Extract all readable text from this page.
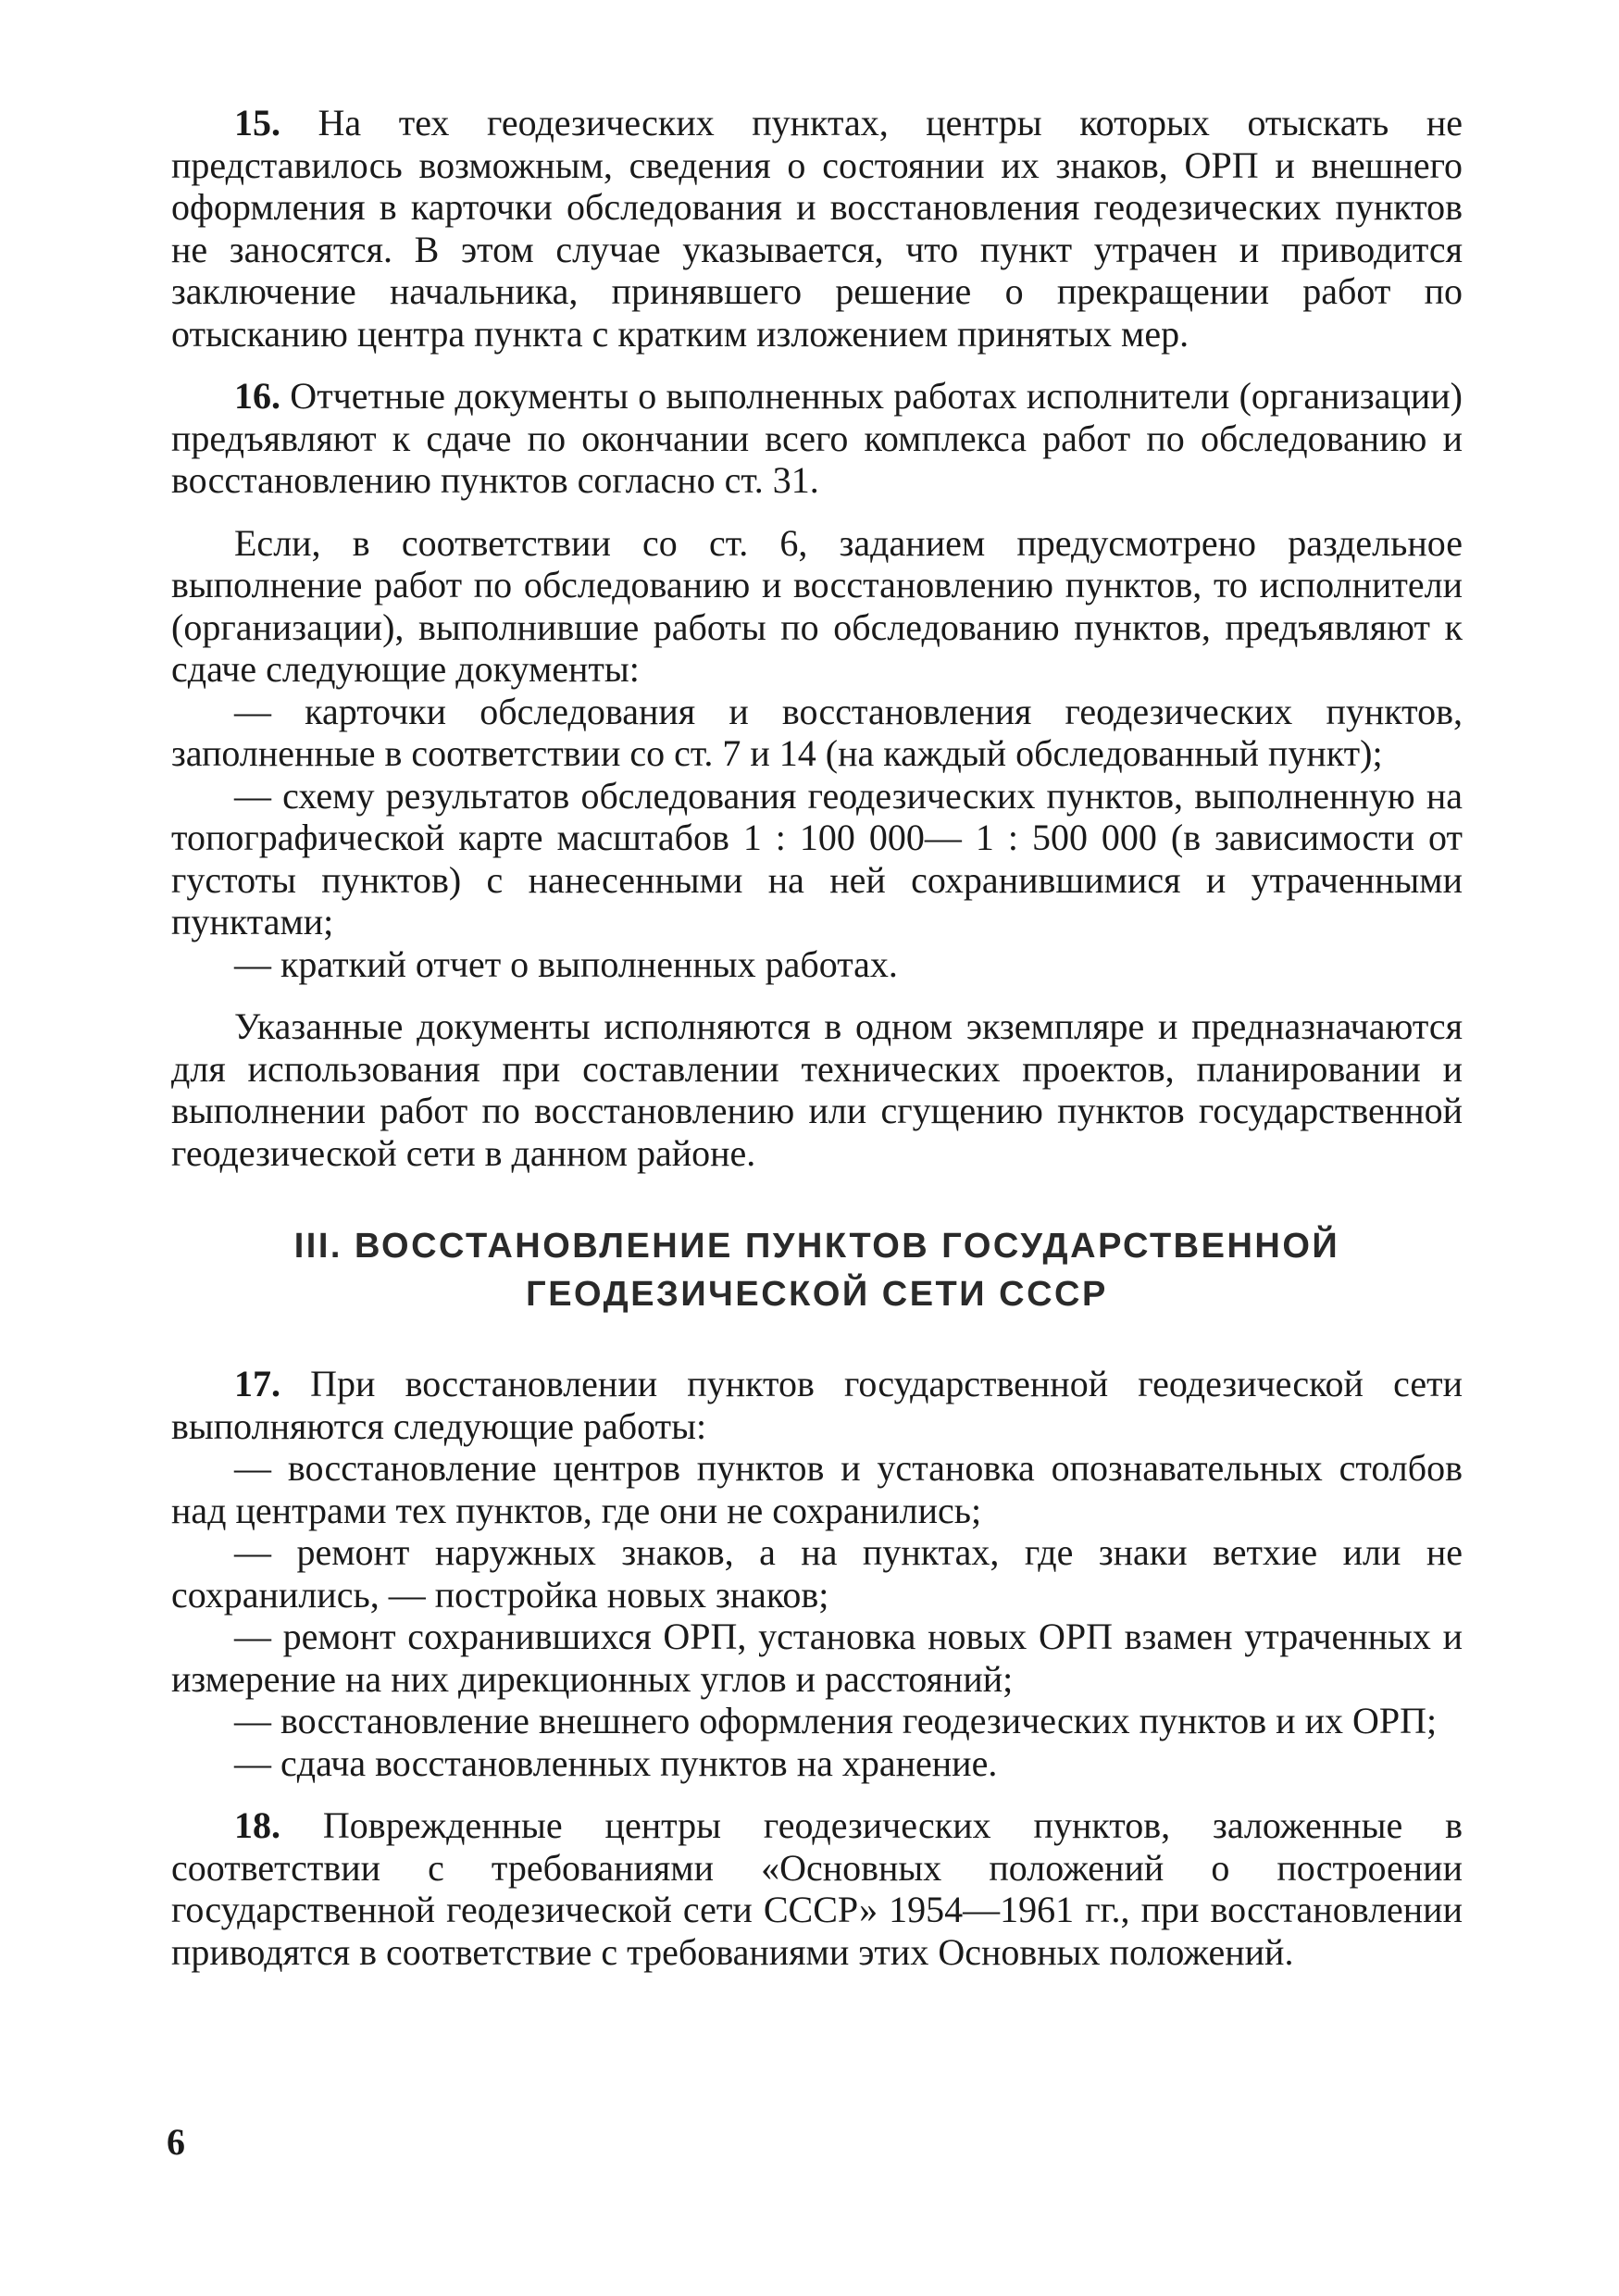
15. На тех геодезических пунктах, центры которых отыскать не представилось возможным, сведения о состоянии их знаков, ОРП и внешнего оформления в карточки обследования и восстановления геодезических пунктов не заносятся. В этом случае указывается, что пункт утрачен и приводится заключение начальника, принявшего решение о прекращении работ по отысканию центра пункта с кратким изложением принятых мер.

16. Отчетные документы о выполненных работах исполнители (организации) предъявляют к сдаче по окончании всего комплекса работ по обследованию и восстановлению пунктов согласно ст. 31.

Если, в соответствии со ст. 6, заданием предусмотрено раздельное выполнение работ по обследованию и восстановлению пунктов, то исполнители (организации), выполнившие работы по обследованию пунктов, предъявляют к сдаче следующие документы:

— карточки обследования и восстановления геодезических пунктов, заполненные в соответствии со ст. 7 и 14 (на каждый обследованный пункт);

— схему результатов обследования геодезических пунктов, выполненную на топографической карте масштабов 1 : 100 000— 1 : 500 000 (в зависимости от густоты пунктов) с нанесенными на ней сохранившимися и утраченными пунктами;

— краткий отчет о выполненных работах.

Указанные документы исполняются в одном экземпляре и предназначаются для использования при составлении технических проектов, планировании и выполнении работ по восстановлению или сгущению пунктов государственной геодезической сети в данном районе.

III. ВОССТАНОВЛЕНИЕ ПУНКТОВ ГОСУДАРСТВЕННОЙ
ГЕОДЕЗИЧЕСКОЙ СЕТИ СССР

17. При восстановлении пунктов государственной геодезической сети выполняются следующие работы:

— восстановление центров пунктов и установка опознавательных столбов над центрами тех пунктов, где они не сохранились;

— ремонт наружных знаков, а на пунктах, где знаки ветхие или не сохранились, — постройка новых знаков;

— ремонт сохранившихся ОРП, установка новых ОРП взамен утраченных и измерение на них дирекционных углов и расстояний;

— восстановление внешнего оформления геодезических пунктов и их ОРП;

— сдача восстановленных пунктов на хранение.

18. Поврежденные центры геодезических пунктов, заложенные в соответствии с требованиями «Основных положений о построении государственной геодезической сети СССР» 1954—1961 гг., при восстановлении приводятся в соответствие с требованиями этих Основных положений.

6
